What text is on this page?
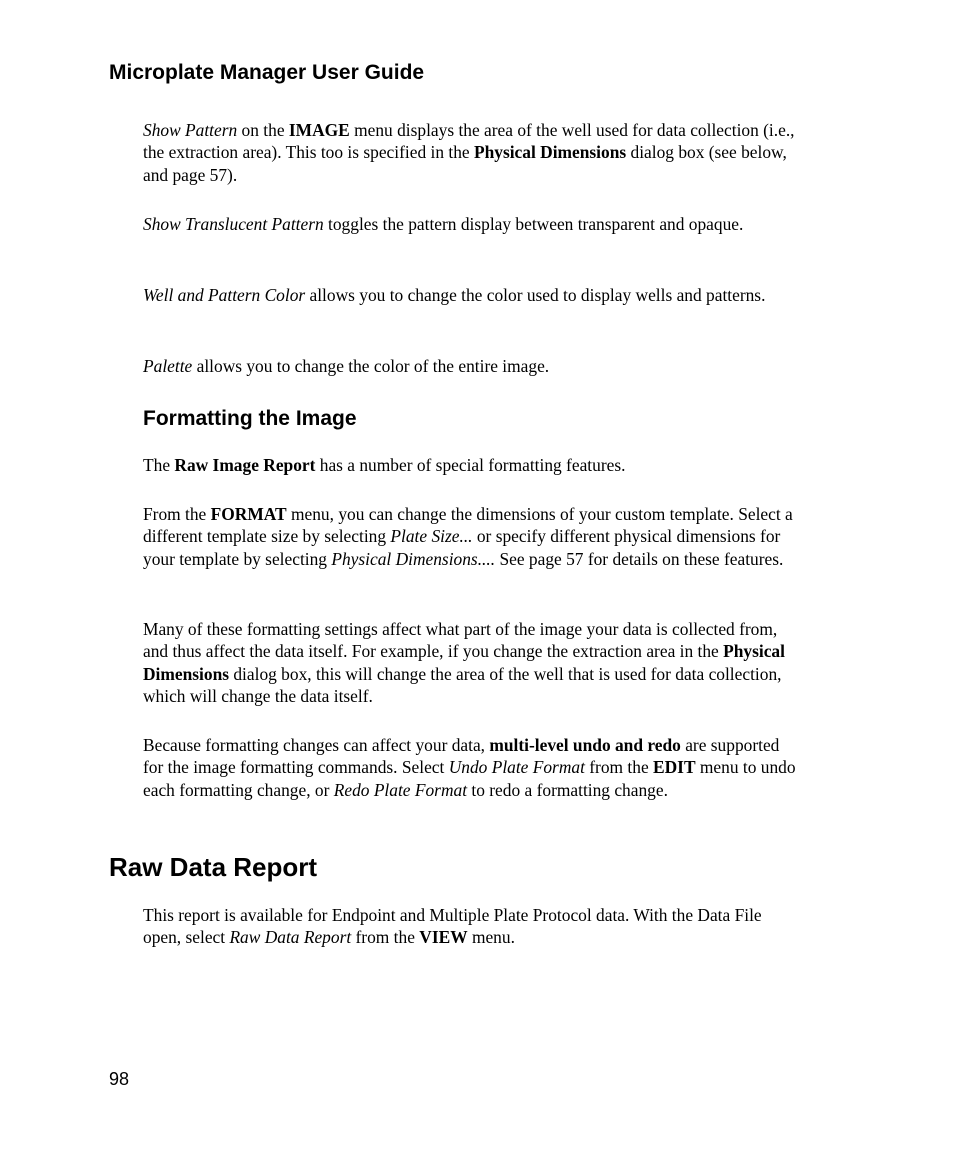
Microplate Manager User Guide

Show Pattern on the IMAGE menu displays the area of the well used for data collection (i.e., the extraction area). This too is specified in the Physical Dimensions dialog box (see below, and page 57).

Show Translucent Pattern toggles the pattern display between transparent and opaque.

Well and Pattern Color allows you to change the color used to display wells and patterns.

Palette allows you to change the color of the entire image.

Formatting the Image

The Raw Image Report has a number of special formatting features.

From the FORMAT menu, you can change the dimensions of your custom template. Select a different template size by selecting Plate Size... or specify different physical dimensions for your template by selecting Physical Dimensions.... See page 57 for details on these features.

Many of these formatting settings affect what part of the image your data is collected from, and thus affect the data itself. For example, if you change the extraction area in the Physical Dimensions dialog box, this will change the area of the well that is used for data collection, which will change the data itself.

Because formatting changes can affect your data, multi-level undo and redo are supported for the image formatting commands. Select Undo Plate Format from the EDIT menu to undo each formatting change, or Redo Plate Format to redo a formatting change.

Raw Data Report

This report is available for Endpoint and Multiple Plate Protocol data. With the Data File open, select Raw Data Report from the VIEW menu.

98
